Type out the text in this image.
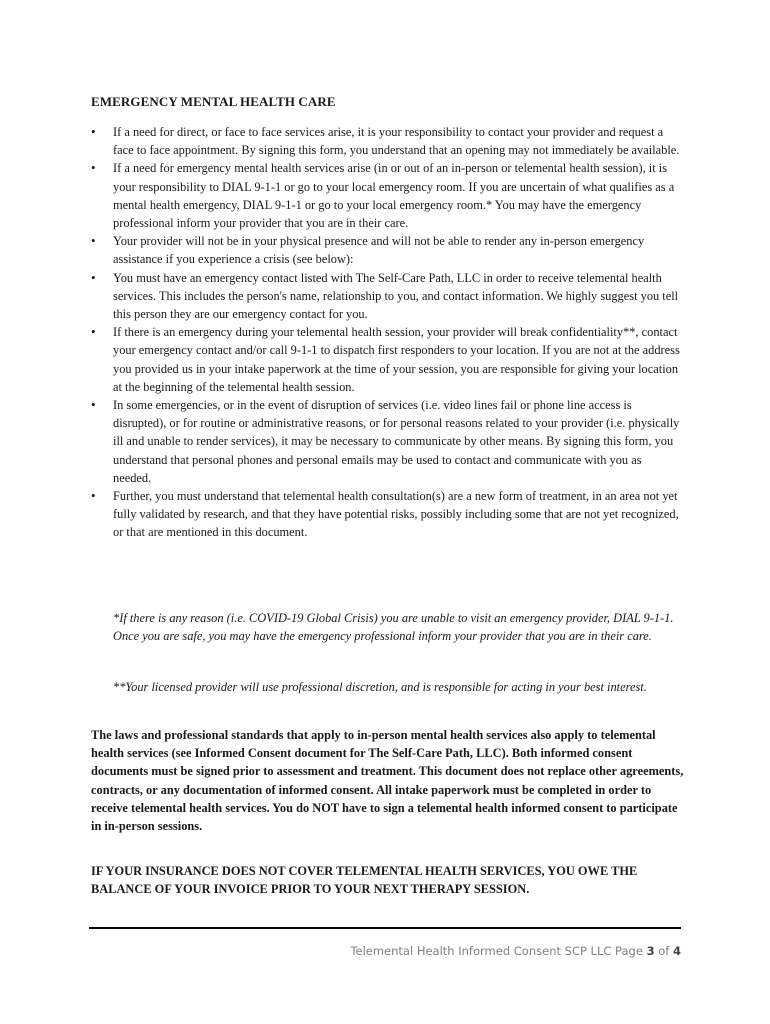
EMERGENCY MENTAL HEALTH CARE
• If a need for direct, or face to face services arise, it is your responsibility to contact your provider and request a face to face appointment. By signing this form, you understand that an opening may not immediately be available.
• If a need for emergency mental health services arise (in or out of an in-person or telemental health session), it is your responsibility to DIAL 9-1-1 or go to your local emergency room. If you are uncertain of what qualifies as a mental health emergency, DIAL 9-1-1 or go to your local emergency room.* You may have the emergency professional inform your provider that you are in their care.
• Your provider will not be in your physical presence and will not be able to render any in-person emergency assistance if you experience a crisis (see below):
• You must have an emergency contact listed with The Self-Care Path, LLC in order to receive telemental health services. This includes the person's name, relationship to you, and contact information. We highly suggest you tell this person they are our emergency contact for you.
• If there is an emergency during your telemental health session, your provider will break confidentiality**, contact your emergency contact and/or call 9-1-1 to dispatch first responders to your location. If you are not at the address you provided us in your intake paperwork at the time of your session, you are responsible for giving your location at the beginning of the telemental health session.
• In some emergencies, or in the event of disruption of services (i.e. video lines fail or phone line access is disrupted), or for routine or administrative reasons, or for personal reasons related to your provider (i.e. physically ill and unable to render services), it may be necessary to communicate by other means. By signing this form, you understand that personal phones and personal emails may be used to contact and communicate with you as needed.
• Further, you must understand that telemental health consultation(s) are a new form of treatment, in an area not yet fully validated by research, and that they have potential risks, possibly including some that are not yet recognized, or that are mentioned in this document.
*If there is any reason (i.e. COVID-19 Global Crisis) you are unable to visit an emergency provider, DIAL 9-1-1. Once you are safe, you may have the emergency professional inform your provider that you are in their care.
**Your licensed provider will use professional discretion, and is responsible for acting in your best interest.
The laws and professional standards that apply to in-person mental health services also apply to telemental health services (see Informed Consent document for The Self-Care Path, LLC). Both informed consent documents must be signed prior to assessment and treatment. This document does not replace other agreements, contracts, or any documentation of informed consent. All intake paperwork must be completed in order to receive telemental health services. You do NOT have to sign a telemental health informed consent to participate in in-person sessions.
IF YOUR INSURANCE DOES NOT COVER TELEMENTAL HEALTH SERVICES, YOU OWE THE BALANCE OF YOUR INVOICE PRIOR TO YOUR NEXT THERAPY SESSION.
Telemental Health Informed Consent SCP LLC Page 3 of 4
